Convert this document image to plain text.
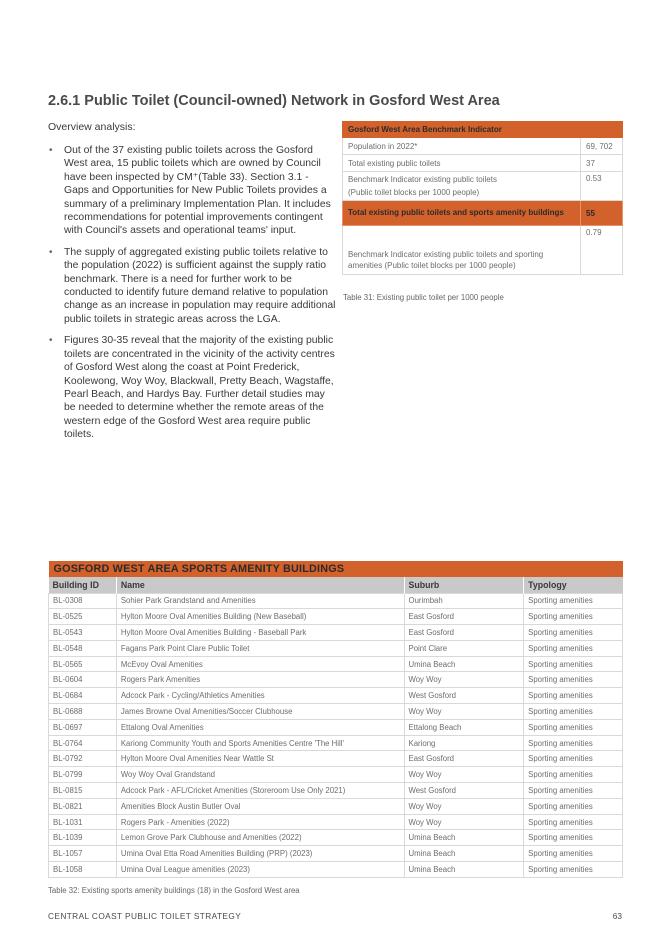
2.6.1 Public Toilet (Council-owned) Network in Gosford West Area
Overview analysis:
• Out of the 37 existing public toilets across the Gosford West area, 15 public toilets which are owned by Council have been inspected by CM⁺(Table 33). Section 3.1 - Gaps and Opportunities for New Public Toilets provides a summary of a preliminary Implementation Plan. It includes recommendations for potential improvements contingent with Council's assets and operational teams' input.
• The supply of aggregated existing public toilets relative to the population (2022) is sufficient against the supply ratio benchmark. There is a need for further work to be conducted to identify future demand relative to population change as an increase in population may require additional public toilets in strategic areas across the LGA.
• Figures 30-35 reveal that the majority of the existing public toilets are concentrated in the vicinity of the activity centres of Gosford West along the coast at Point Frederick, Koolewong, Woy Woy, Blackwall, Pretty Beach, Wagstaffe, Pearl Beach, and Hardys Bay. Further detail studies may be needed to determine whether the remote areas of the western edge of the Gosford West area require public toilets.
Gosford West Area Benchmark Indicator	
Population in 2022*	69, 702
Total existing public toilets	37

Benchmark Indicator existing public toilets
(Public toilet blocks per 1000 people)	0.53
Total existing public toilets and sports amenity buildings	55
Benchmark Indicator existing public toilets and sporting amenities (Public toilet blocks per 1000 people)	0.79
Table 31: Existing public toilet per 1000 people
GOSFORD WEST AREA SPORTS AMENITY BUILDINGS			
Building ID	Name	Suburb	Typology
BL-0308	Sohier Park Grandstand and Amenities	Ourimbah	Sporting amenities
BL-0525	Hylton Moore Oval Amenities Building (New Baseball)	East Gosford	Sporting amenities
BL-0543	Hylton Moore Oval Amenities Building - Baseball Park	East Gosford	Sporting amenities
BL-0548	Fagans Park Point Clare Public Toilet	Point Clare	Sporting amenities
BL-0565	McEvoy Oval Amenities	Umina Beach	Sporting amenities
BL-0604	Rogers Park Amenities	Woy Woy	Sporting amenities
BL-0684	Adcock Park - Cycling/Athletics Amenities	West Gosford	Sporting amenities
BL-0688	James Browne Oval Amenities/Soccer Clubhouse	Woy Woy	Sporting amenities
BL-0697	Ettalong Oval Amenities	Ettalong Beach	Sporting amenities
BL-0764	Kariong Community Youth and Sports Amenities Centre 'The Hill'	Kariong	Sporting amenities
BL-0792	Hylton Moore Oval Amenities Near Wattle St	East Gosford	Sporting amenities
BL-0799	Woy Woy Oval Grandstand	Woy Woy	Sporting amenities
BL-0815	Adcock Park - AFL/Cricket Amenities (Storeroom Use Only 2021)	West Gosford	Sporting amenities
BL-0821	Amenities Block Austin Butler Oval	Woy Woy	Sporting amenities
BL-1031	Rogers Park - Amenities (2022)	Woy Woy	Sporting amenities
BL-1039	Lemon Grove Park Clubhouse and Amenities (2022)	Umina Beach	Sporting amenities
BL-1057	Umina Oval Etta Road Amenities Building (PRP) (2023)	Umina Beach	Sporting amenities
BL-1058	Umina Oval League amenities (2023)	Umina Beach	Sporting amenities
Table 32: Existing sports amenity buildings (18) in the Gosford West area
CENTRAL COAST PUBLIC TOILET STRATEGY	63
